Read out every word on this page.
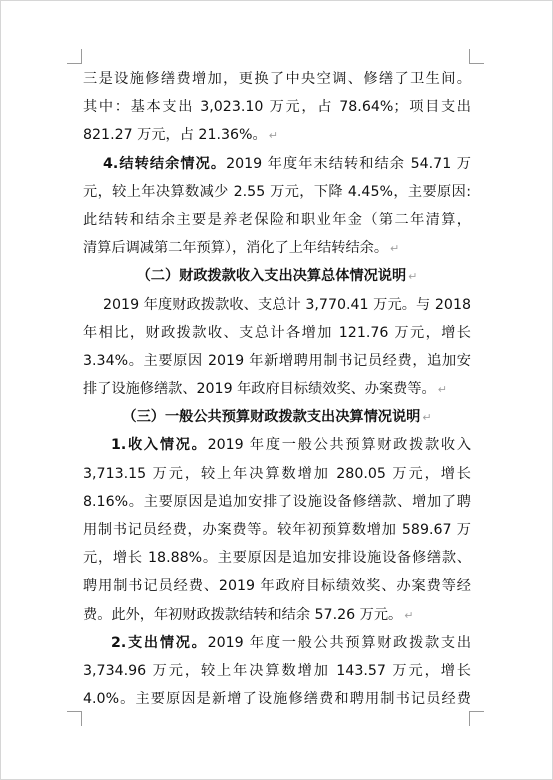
三是设施修缮费增加，更换了中央空调、修缮了卫生间。
其中：基本支出 3,023.10 万元，占 78.64%；项目支出
821.27 万元，占 21.36%。 ↵
4.结转结余情况。2019 年度年末结转和结余 54.71 万
元，较上年决算数减少 2.55 万元，下降 4.45%，主要原因:
此结转和结余主要是养老保险和职业年金（第二年清算，
清算后调减第二年预算），消化了上年结转结余。 ↵
（二）财政拨款收入支出决算总体情况说明 ↵
2019 年度财政拨款收、支总计 3,770.41 万元。与 2018
年相比，财政拨款收、支总计各增加 121.76 万元，增长
3.34%。主要原因 2019 年新增聘用制书记员经费，追加安
排了设施修缮款、2019 年政府目标绩效奖、办案费等。 ↵
（三）一般公共预算财政拨款支出决算情况说明 ↵
1.收入情况。2019 年度一般公共预算财政拨款收入
3,713.15 万元，较上年决算数增加 280.05 万元，增长
8.16%。主要原因是追加安排了设施设备修缮款、增加了聘
用制书记员经费，办案费等。较年初预算数增加 589.67 万
元，增长 18.88%。主要原因是追加安排设施设备修缮款、
聘用制书记员经费、2019 年政府目标绩效奖、办案费等经
费。此外，年初财政拨款结转和结余 57.26 万元。 ↵
2.支出情况。2019 年度一般公共预算财政拨款支出
3,734.96 万元，较上年决算数增加 143.57 万元，增长
4.0%。主要原因是新增了设施修缮费和聘用制书记员经费
